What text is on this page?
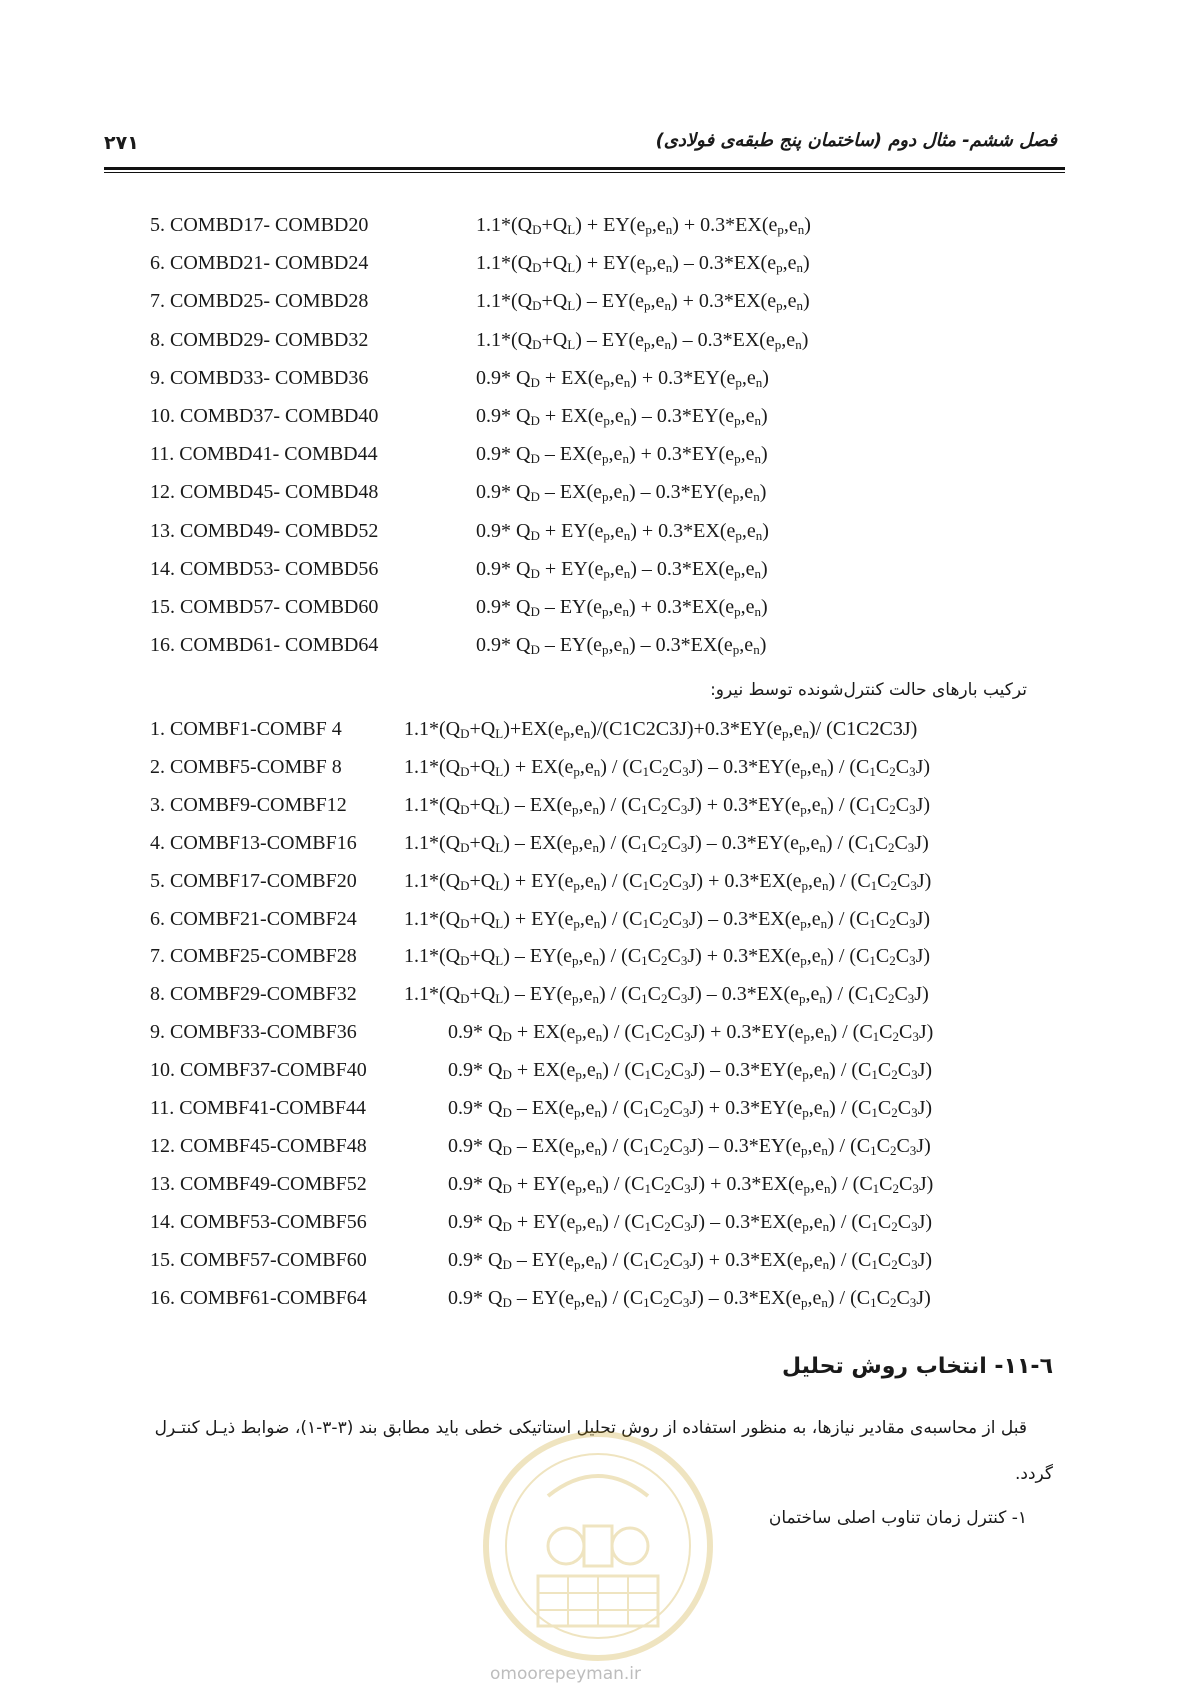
۲۷۱	فصل ششم- مثال دوم (ساختمان پنج طبقه‌ی فولادی)
5. COMBD17- COMBD20	$1.1*(Q_D+Q_L) + EY(e_p,e_n) + 0.3*EX(e_p,e_n)$
6. COMBD21- COMBD24	$1.1*(Q_D+Q_L) + EY(e_p,e_n) - 0.3*EX(e_p,e_n)$
7. COMBD25- COMBD28	$1.1*(Q_D+Q_L) - EY(e_p,e_n) + 0.3*EX(e_p,e_n)$
8. COMBD29- COMBD32	$1.1*(Q_D+Q_L) - EY(e_p,e_n) - 0.3*EX(e_p,e_n)$
9. COMBD33- COMBD36	0.9* $Q_D + EX(e_p,e_n) + 0.3*EY(e_p,e_n)$
10. COMBD37- COMBD40	0.9* $Q_D + EX(e_p,e_n) - 0.3*EY(e_p,e_n)$
11. COMBD41- COMBD44	0.9* $Q_D - EX(e_p,e_n) + 0.3*EY(e_p,e_n)$
12. COMBD45- COMBD48	0.9* $Q_D - EX(e_p,e_n) - 0.3*EY(e_p,e_n)$
13. COMBD49- COMBD52	0.9* $Q_D + EY(e_p,e_n) + 0.3*EX(e_p,e_n)$
14. COMBD53- COMBD56	0.9* $Q_D + EY(e_p,e_n) - 0.3*EX(e_p,e_n)$
15. COMBD57- COMBD60	0.9* $Q_D - EY(e_p,e_n) + 0.3*EX(e_p,e_n)$
16. COMBD61- COMBD64	0.9* $Q_D - EY(e_p,e_n) - 0.3*EX(e_p,e_n)$
ترکیب بارهای حالت کنترل‌شونده توسط نیرو:
1. COMBF1-COMBF 4	$1.1*(Q_D+Q_L)+EX(e_p,e_n)/(C1C2C3J)+0.3*EY(e_p,e_n)/$ (C1C2C3J)
2. COMBF5-COMBF 8	$1.1*(Q_D+Q_L) + EX(e_p,e_n) / (C_1C_2C_3J) - 0.3*EY(e_p,e_n) / (C_1C_2C_3J)$
3. COMBF9-COMBF12	$1.1*(Q_D+Q_L) - EX(e_p,e_n) / (C_1C_2C_3J) + 0.3*EY(e_p,e_n) / (C_1C_2C_3J)$
4. COMBF13-COMBF16 $1.1*(Q_D+Q_L) - EX(e_p,e_n) / (C_1C_2C_3J) - 0.3*EY(e_p,e_n) / (C_1C_2C_3J)$
5. COMBF17-COMBF20 $1.1*(Q_D+Q_L) + EY(e_p,e_n) / (C_1C_2C_3J) + 0.3*EX(e_p,e_n) / (C_1C_2C_3J)$
6. COMBF21-COMBF24 $1.1*(Q_D+Q_L) + EY(e_p,e_n) / (C_1C_2C_3J) - 0.3*EX(e_p,e_n) / (C_1C_2C_3J)$
7. COMBF25-COMBF28 $1.1*(Q_D+Q_L) - EY(e_p,e_n) / (C_1C_2C_3J) + 0.3*EX(e_p,e_n) / (C_1C_2C_3J)$
8. COMBF29-COMBF32 $1.1*(Q_D+Q_L) - EY(e_p,e_n) / (C_1C_2C_3J) - 0.3*EX(e_p,e_n) / (C_1C_2C_3J)$
9. COMBF33-COMBF36	0.9* $Q_D + EX(e_p,e_n) / (C_1C_2C_3J) + 0.3*EY(e_p,e_n) / (C_1C_2C_3J)$
10. COMBF37-COMBF40	0.9* $Q_D + EX(e_p,e_n) / (C_1C_2C_3J) - 0.3*EY(e_p,e_n) / (C_1C_2C_3J)$
11. COMBF41-COMBF44	0.9* $Q_D - EX(e_p,e_n) / (C_1C_2C_3J) + 0.3*EY(e_p,e_n) / (C_1C_2C_3J)$
12. COMBF45-COMBF48	0.9* $Q_D - EX(e_p,e_n) / (C_1C_2C_3J) - 0.3*EY(e_p,e_n) / (C_1C_2C_3J)$
13. COMBF49-COMBF52	0.9* $Q_D + EY(e_p,e_n) / (C_1C_2C_3J) + 0.3*EX(e_p,e_n) / (C_1C_2C_3J)$
14. COMBF53-COMBF56	0.9* $Q_D + EY(e_p,e_n) / (C_1C_2C_3J) - 0.3*EX(e_p,e_n) / (C_1C_2C_3J)$
15. COMBF57-COMBF60	0.9* $Q_D - EY(e_p,e_n) / (C_1C_2C_3J) + 0.3*EX(e_p,e_n) / (C_1C_2C_3J)$
16. COMBF61-COMBF64	0.9* $Q_D - EY(e_p,e_n) / (C_1C_2C_3J) - 0.3*EX(e_p,e_n) / (C_1C_2C_3J)$
٦-١١- انتخاب روش تحلیل
قبل از محاسبه‌ی مقادیر نیازها، به منظور استفاده از روش تحلیل استاتیکی خطی باید مطابق بند (۳-۳-۱)، ضوابط ذیـل کنتـرل
گردد.
۱- کنترل زمان تناوب اصلی ساختمان
omoorepeyman.ir
